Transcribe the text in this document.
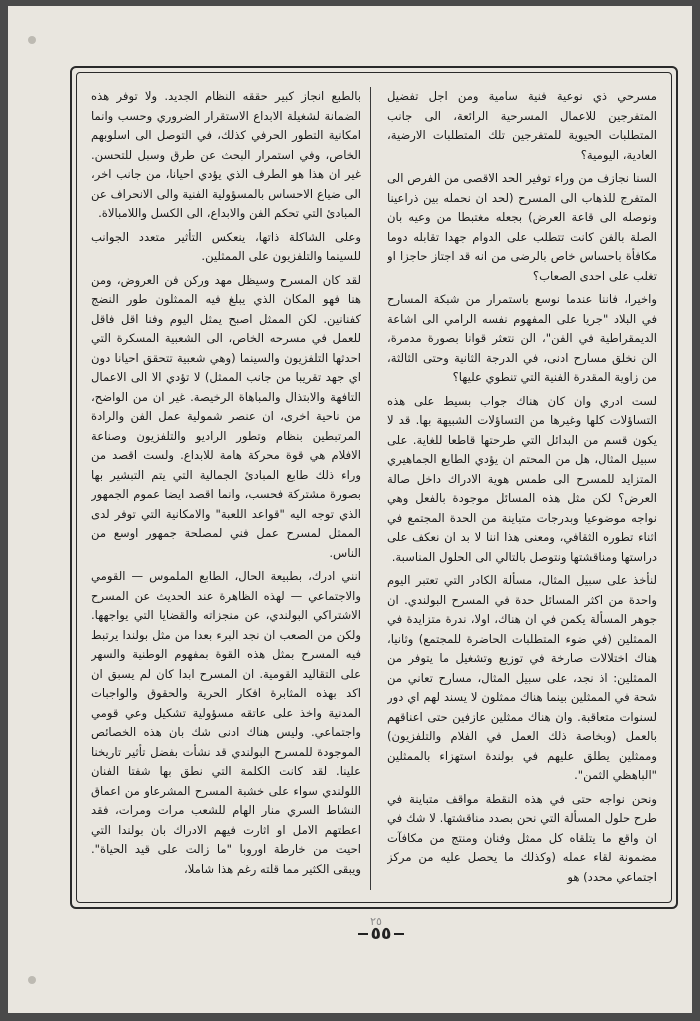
مسرحي ذي نوعية فنية سامية ومن اجل تفضيل المتفرجين للاعمال المسرحية الرائعة، الى جانب المتطلبات الحيوية للمتفرجين تلك المتطلبات الارضية، العادية، اليومية؟

السنا نجازف من وراء توفير الحد الاقصى من الفرص الى المتفرج للذهاب الى المسرح (لحد ان نحمله بين ذراعينا ونوصله الى قاعة العرض) بجعله مغتبطا من وعيه بان الصلة بالفن كانت تتطلب على الدوام جهدا تقابله دوما مكافأة باحساس خاص بالرضى من انه قد اجتاز حاجزا او تغلب على احدى الصعاب؟

واخيرا، فاننا عندما نوسع باستمرار من شبكة المسارح في البلاد "جريا على المفهوم نفسه الرامي الى اشاعة الديمقراطية في الفن"، الن نتعثر قوانا بصورة مدمرة، الن نخلق مسارح ادنى، في الدرجة الثانية وحتى الثالثة، من زاوية المقدرة الفنية التي تنطوي عليها؟

لست ادري وان كان هناك جواب بسيط على هذه التساؤلات كلها وغيرها من التساؤلات الشبيهة بها. قد لا يكون قسم من البدائل التي طرحتها قاطعا للغاية. على سبيل المثال، هل من المحتم ان يؤدي الطابع الجماهيري المتزايد للمسرح الى طمس هوية الادراك داخل صالة العرض؟ لكن مثل هذه المسائل موجودة بالفعل وهي نواجه موضوعيا وبدرجات متباينة من الحدة المجتمع في اثناء تطوره الثقافي، ومعنى هذا اننا لا بد ان نعكف على دراستها ومناقشتها ونتوصل بالتالي الى الحلول المناسبة.

لنأخذ على سبيل المثال، مسألة الكادر التي تعتبر اليوم واحدة من اكثر المسائل حدة في المسرح البولندي. ان جوهر المسألة يكمن في ان هناك، اولا، ندرة متزايدة في الممثلين (في ضوء المتطلبات الحاضرة للمجتمع) وثانيا، هناك اختلالات صارخة في توزيع وتشغيل ما يتوفر من الممثلين: اذ نجد، على سبيل المثال، مسارح تعاني من شحة في الممثلين بينما هناك ممثلون لا يسند لهم اي دور لسنوات متعاقبة. وان هناك ممثلين عازفين حتى اعناقهم بالعمل (وبخاصة ذلك العمل في الفلام والتلفزيون) وممثلين يطلق عليهم في بولندة استهزاء بالممثلين "الباهظي الثمن".

ونحن نواجه حتى في هذه النقطة مواقف متباينة في طرح حلول المسألة التي نحن بصدد مناقشتها. لا شك في ان واقع ما يتلقاه كل ممثل وفنان ومنتج من مكافآت مضمونة لقاء عمله (وكذلك ما يحصل عليه من مركز اجتماعي محدد) هو

بالطبع انجاز كبير حققه النظام الجديد. ولا توفر هذه الضمانة لشغيلة الابداع الاستقرار الضروري وحسب وانما امكانية التطور الحرفي كذلك، في التوصل الى اسلوبهم الخاص، وفي استمرار البحث عن طرق وسبل للتحسن. غير ان هذا هو الطرف الذي يؤدي احيانا، من جانب اخر، الى ضياع الاحساس بالمسؤولية الفنية والى الانحراف عن المبادئ التي تحكم الفن والابداع، الى الكسل واللامبالاة.

وعلى الشاكلة ذاتها، ينعكس التأثير متعدد الجوانب للسينما والتلفزيون على الممثلين.

لقد كان المسرح وسيظل مهد وركن فن العروض، ومن هنا فهو المكان الذي يبلغ فيه الممثلون طور النضج كفنانين. لكن الممثل اصبح يمثل اليوم وفنا اقل فاقل للعمل في مسرحه الخاص، الى الشعبية المسكرة التي احدثها التلفزيون والسينما (وهي شعبية تتحقق احيانا دون اي جهد تقريبا من جانب الممثل) لا تؤدي الا الى الاعمال التافهة والابتذال والمباهاة الرخيصة. غير ان من الواضح، من ناحية اخرى، ان عنصر شمولية عمل الفن والرادة المرتبطين بنظام وتطور الراديو والتلفزيون وصناعة الافلام هي قوة محركة هامة للابداع. ولست اقصد من وراء ذلك طابع المبادئ الجمالية التي يتم التبشير بها بصورة مشتركة فحسب، وانما اقصد ايضا عموم الجمهور الذي توجه اليه "قواعد اللعبة" والامكانية التي توفر لدى الممثل لمسرح عمل فني لمصلحة جمهور اوسع من الناس.

انني ادرك، بطبيعة الحال، الطابع الملموس — القومي والاجتماعي — لهذه الظاهرة عند الحديث عن المسرح الاشتراكي البولندي، عن منجزاته والقضايا التي يواجهها. ولكن من الصعب ان نجد البرء بعدا من مثل بولندا يرتبط فيه المسرح بمثل هذه القوة بمفهوم الوطنية والسهر على التقاليد القومية. ان المسرح ابدا كان لم يسبق ان اكد بهذه المثابرة افكار الحرية والحقوق والواجبات المدنية واخذ على عاتقه مسؤولية تشكيل وعي قومي واجتماعي. وليس هناك ادنى شك بان هذه الخصائص الموجودة للمسرح البولندي قد نشأت بفضل تأثير تاريخنا علينا. لقد كانت الكلمة التي نطق بها شفتا الفنان اللولندي سواء على خشبة المسرح المشرعاو من اعماق النشاط السري منار الهام للشعب مرات ومرات، فقد اعطتهم الامل او اثارت فيهم الادراك بان بولندا التي احيت من خارطة اوروبا "ما زالت على قيد الحياة". ويبقى الكثير مما قلته رغم هذا شاملا،

٢٥
٥٥
